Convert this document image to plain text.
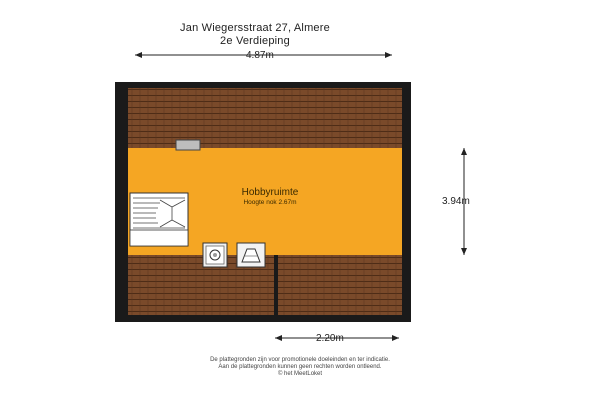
Jan Wiegersstraat 27, Almere
2e Verdieping
4.87m
3.94m
2.20m
Hobbyruimte
Hoogte nok 2.67m
De plattegronden zijn voor promotionele doeleinden en ter indicatie.
Aan de plattegronden kunnen geen rechten worden ontleend.
© het MeetLoket
